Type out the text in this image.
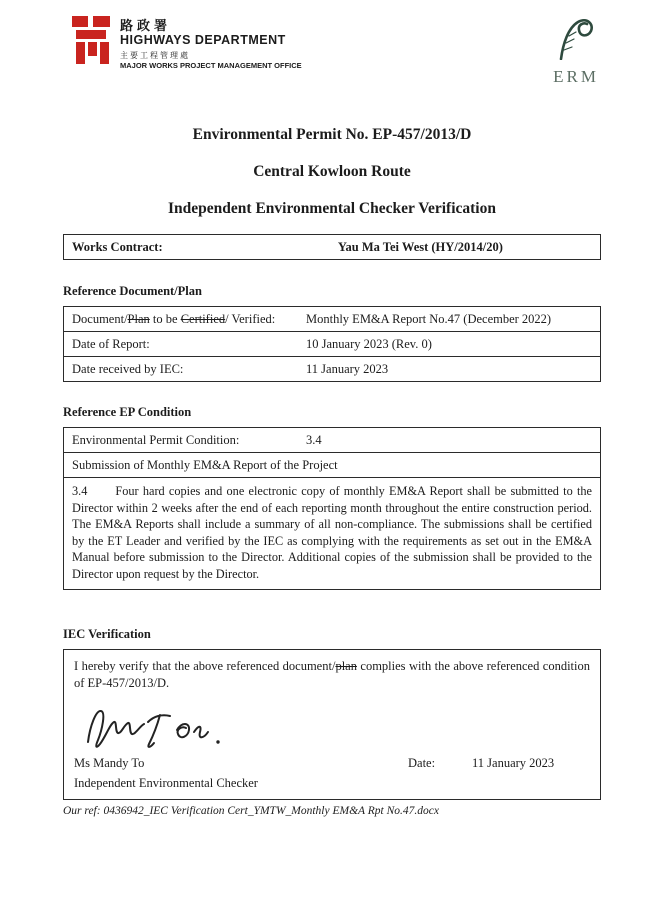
路政署
HIGHWAYS DEPARTMENT
主要工程管理處
MAJOR WORKS PROJECT MANAGEMENT OFFICE
ERM
Environmental Permit No. EP-457/2013/D
Central Kowloon Route
Independent Environmental Checker Verification
Works Contract:	Yau Ma Tei West (HY/2014/20)
Reference Document/Plan
Document/Plan to be Certified/ Verified:	Monthly EM&A Report No.47 (December 2022)
Date of Report:	10 January 2023 (Rev. 0)
Date received by IEC:	11 January 2023
Reference EP Condition
Environmental Permit Condition:	3.4
Submission of Monthly EM&A Report of the Project
3.4 Four hard copies and one electronic copy of monthly EM&A Report shall be submitted to the Director within 2 weeks after the end of each reporting month throughout the entire construction period. The EM&A Reports shall include a summary of all non-compliance. The submissions shall be certified by the ET Leader and verified by the IEC as complying with the requirements as set out in the EM&A Manual before submission to the Director. Additional copies of the submission shall be provided to the Director upon request by the Director.
IEC Verification

I hereby verify that the above referenced document/plan complies with the above referenced condition of EP-457/2013/D.

Ms Mandy To	Date:	11 January 2023
Independent Environmental Checker
Our ref: 0436942_IEC Verification Cert_YMTW_Monthly EM&A Rpt No.47.docx
